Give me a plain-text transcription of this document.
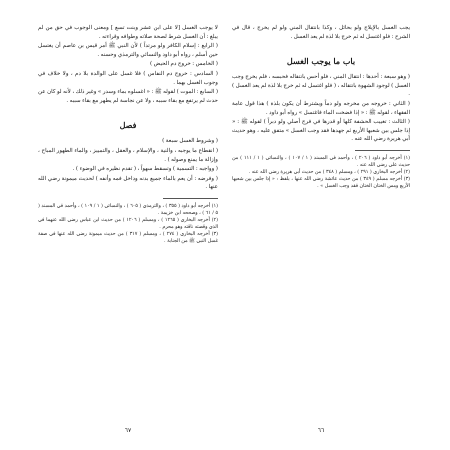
لا يوجب الغسل [لا على ابن عشر وبنت تسع ] ومعنى الوجوب في حق من لم يبلغ : أن الغسل شرط لصحة صلاته وطوافه وقراءته .

( الرابع : إسلام الكافر ولو مرتداً ) لأن النبي ﷺ أمر قيس بن عاصم أن يغتسل حين أسلم ، رواه أبو داود والنسائي والترمذي وحسنه .

( الخامس : خروج دم الحيض )

( السادس : خروج دم النفاس ) فلا غسل على الوالدة بلا دم ، ولا خلاف في وجوب الغسل بهما .

( السابع : الموت ) لقوله ﷺ : « اغسلوه بماء وسدر » وغير ذلك ، لأنه لو كان عن حدث لم يرتفع مع بقاء سببه ، ولا عن نجاسة لم يطهر مع بقاء سببه .

فصل

( وشروط الغسل سبعة )

( انقطاع ما يوجبه ، والنية ، والإسلام ، والعقل ، والتمييز ، والماء الطهور المباح ، وإزالة ما يمنع وصوله ) .

( وواجبه : التسمية ) وتسقط سهواً ، ( تقدم نظيره في الوضوء ) .

( وفرضه : أن يعم بالماء جميع بدنه وداخل فمه وأنفه ) لحديث ميمونة رضي الله عنها .

(١) أخرجه أبو داود ( ٣٥٥ ) ، والترمذي ( ٦٠٥ ) ، والنسائي ( ١ / ١٠٩ ) ، وأحمد في المسند ( ٥ / ٦١ ) ، وصححه ابن خزيمة .

(٢) أخرجه البخاري ( ١٢٦٥ ) ، ومسلم ( ١٢٠٦ ) من حديث ابن عباس رضي الله عنهما في الذي وقصته ناقته وهو محرم .

(٣) أخرجه البخاري ( ٢٧٤ ) ، ومسلم ( ٣١٧ ) من حديث ميمونة رضي الله عنها في صفة غسل النبي ﷺ من الجنابة .

٦٧

يجب الغسل بالإيلاج ولو بحائل ، وكذا بانتقال المني ولو لم يخرج ، قال في الشرح : فلو اغتسل له ثم خرج بلا لذة لم يعد الغسل .

باب ما يوجب الغسل

( وهو سبعة : أحدها : انتقال المني ، فلو أحس بانتقاله فحبسه ، فلم يخرج وجب الغسل ) لوجود الشهوة بانتقاله ، ( فلو اغتسل له ثم خرج بلا لذة لم يعد الغسل ) .

( الثاني : خروجه من مخرجه ولو دماً ويشترط أن يكون بلذة ) هذا قول عامة الفقهاء ، لقوله ﷺ : « إذا فضخت الماء فاغتسل » رواه أبو داود .

( الثالث : تغييب الحشفة كلها أو قدرها في فرج أصلي ولو دبراً ) لقوله ﷺ : « إذا جلس بين شعبها الأربع ثم جهدها فقد وجب الغسل » متفق عليه ، وهو حديث أبي هريرة رضي الله عنه .

(١) أخرجه أبو داود ( ٢٠٦ ) ، وأحمد في المسند ( ١ / ١٠٧ ) ، والنسائي ( ١ / ١١١ ) من حديث علي رضي الله عنه .

(٢) أخرجه البخاري ( ٢٩١ ) ، ومسلم ( ٣٤٨ ) من حديث أبي هريرة رضي الله عنه .

(٣) أخرجه مسلم ( ٣٤٩ ) من حديث عائشة رضي الله عنها ، بلفظ : « إذا جلس بين شعبها الأربع ومس الختان الختان فقد وجب الغسل » .

٦٦
